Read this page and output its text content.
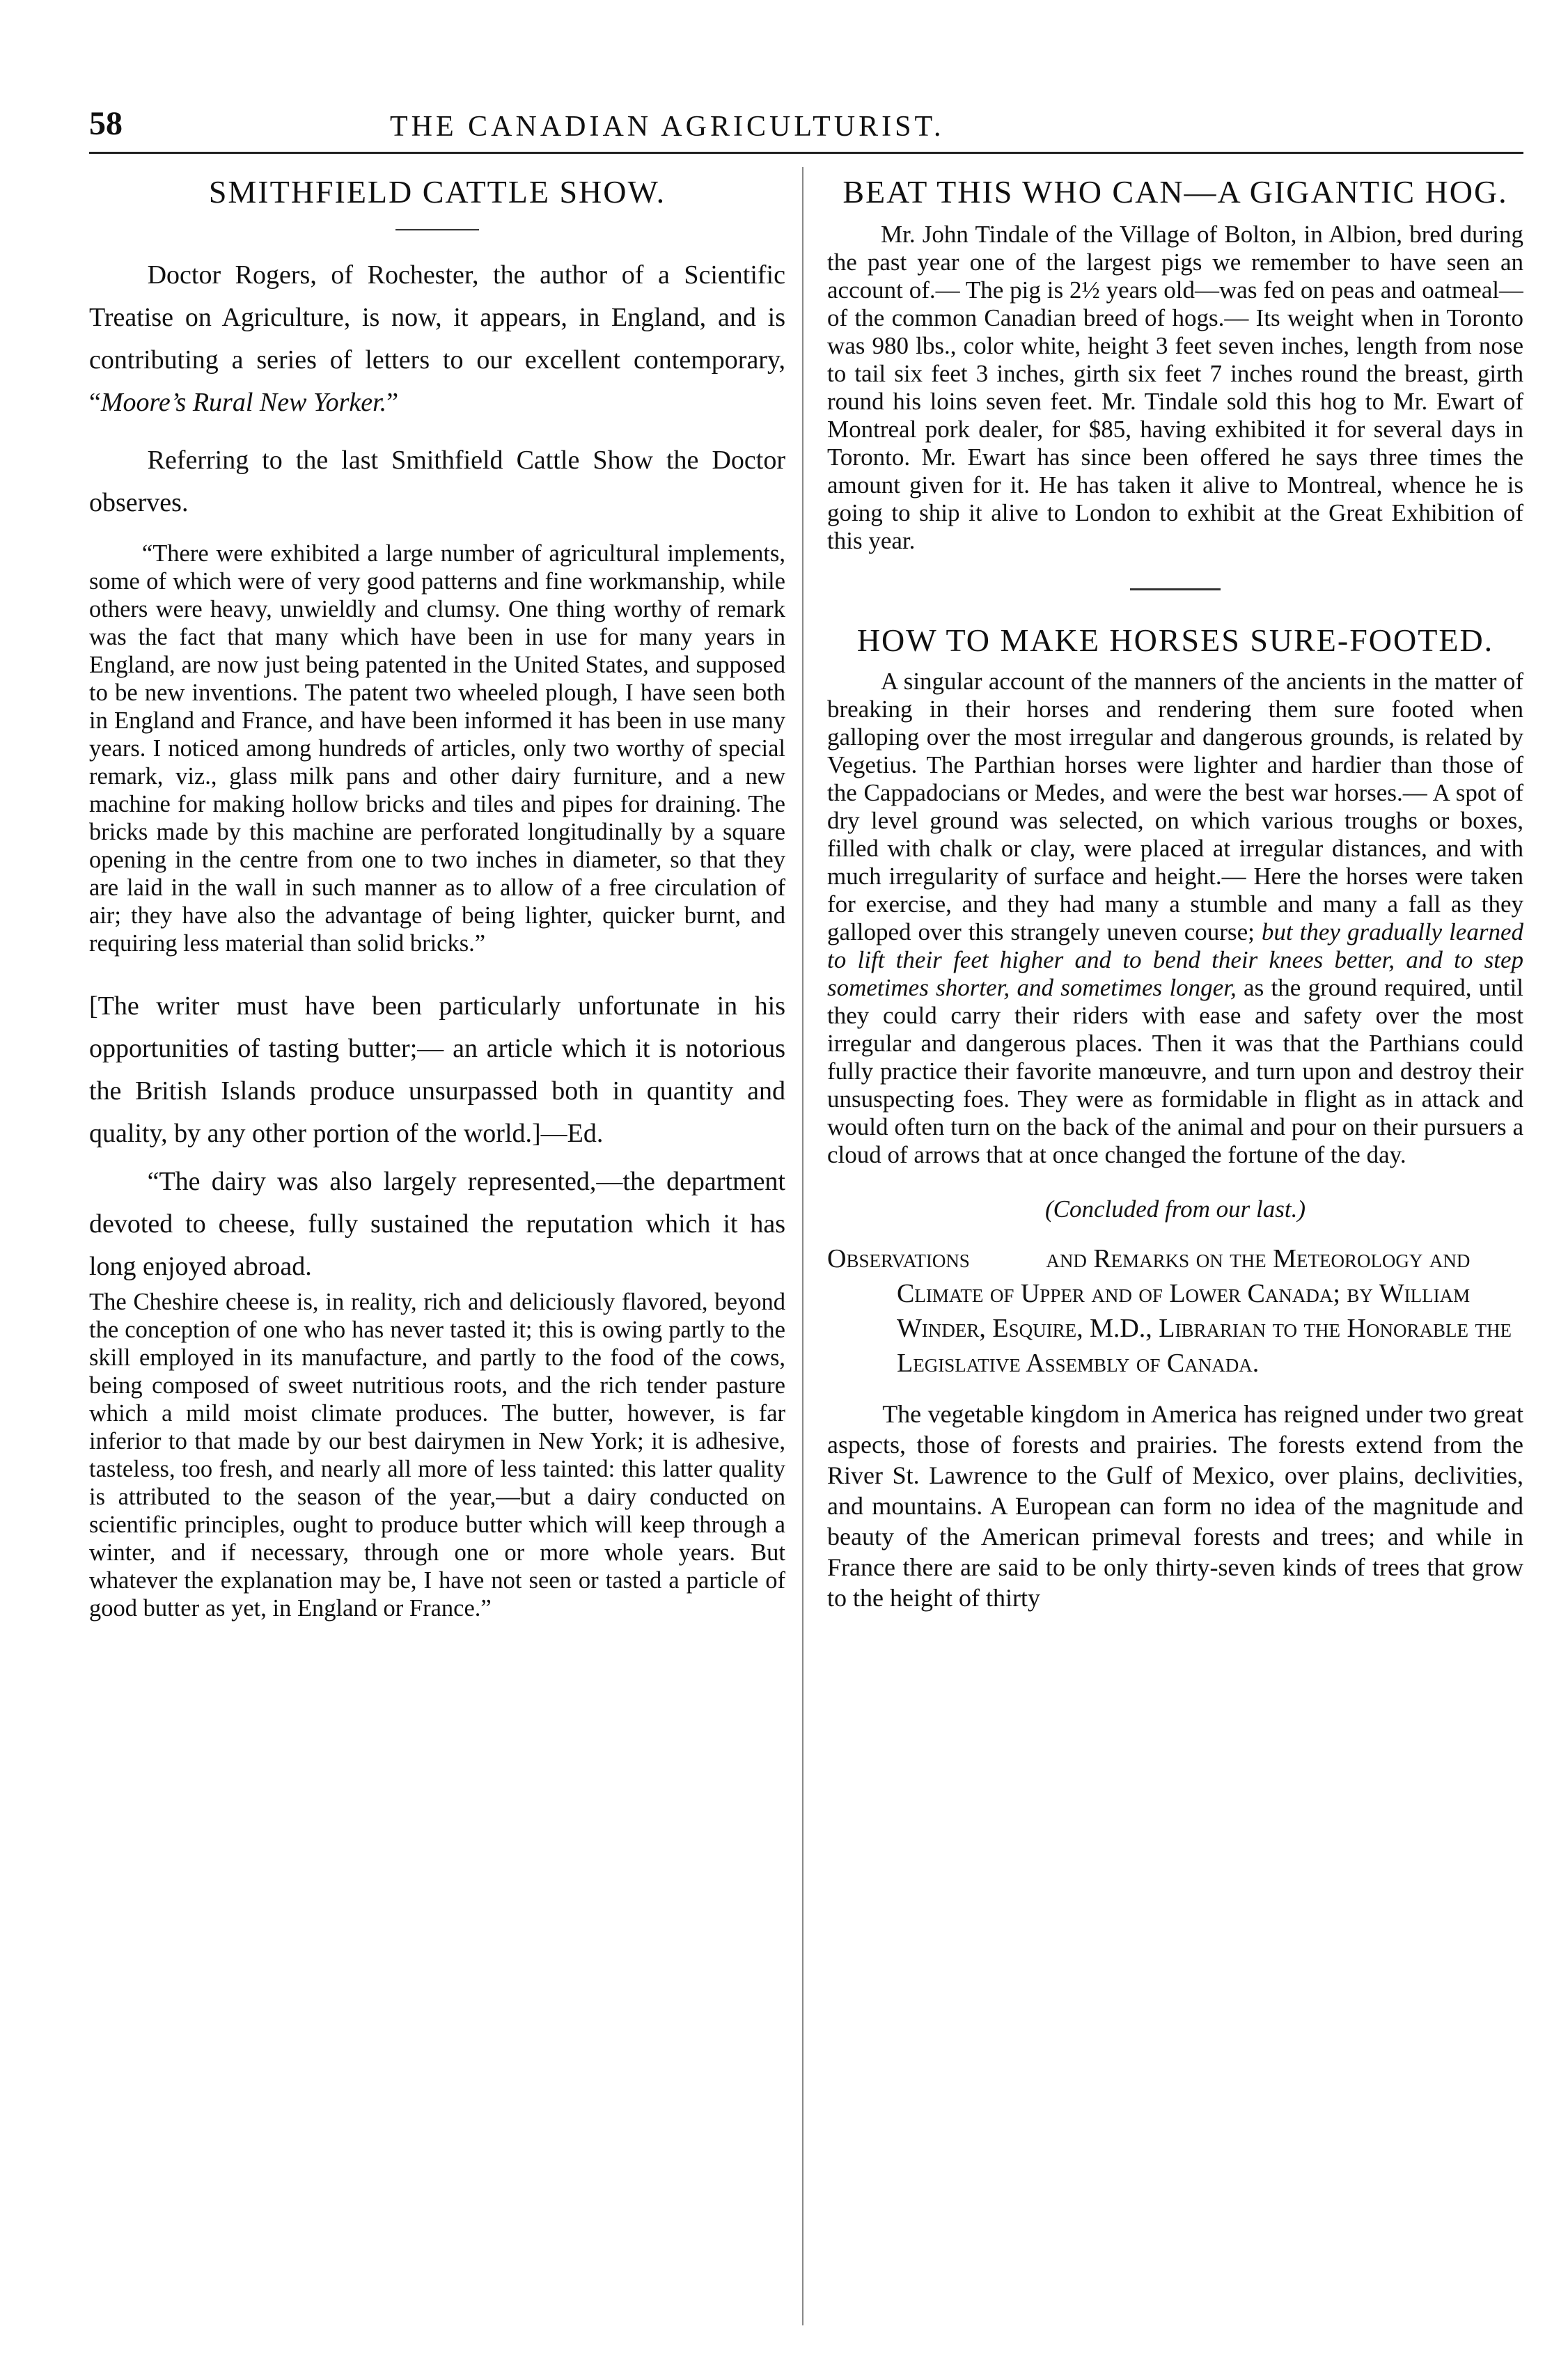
58	THE CANADIAN AGRICULTURIST.
SMITHFIELD CATTLE SHOW.

Doctor Rogers, of Rochester, the author of a Scientific Treatise on Agriculture, is now, it appears, in England, and is contributing a series of letters to our excellent contemporary, “Moore’s Rural New Yorker.”

Referring to the last Smithfield Cattle Show the Doctor observes.

“There were exhibited a large number of agricultural implements, some of which were of very good patterns and fine workmanship, while others were heavy, unwieldly and clumsy. One thing worthy of remark was the fact that many which have been in use for many years in England, are now just being patented in the United States, and supposed to be new inventions. The patent two wheeled plough, I have seen both in England and France, and have been informed it has been in use many years. I noticed among hundreds of articles, only two worthy of special remark, viz., glass milk pans and other dairy furniture, and a new machine for making hollow bricks and tiles and pipes for draining. The bricks made by this machine are perforated longitudinally by a square opening in the centre from one to two inches in diameter, so that they are laid in the wall in such manner as to allow of a free circulation of air; they have also the advantage of being lighter, quicker burnt, and requiring less material than solid bricks.”

[The writer must have been particularly unfortunate in his opportunities of tasting butter;— an article which it is notorious the British Islands produce unsurpassed both in quantity and quality, by any other portion of the world.]—Ed.

“The dairy was also largely represented,—the department devoted to cheese, fully sustained the reputation which it has long enjoyed abroad.

The Cheshire cheese is, in reality, rich and deliciously flavored, beyond the conception of one who has never tasted it; this is owing partly to the skill employed in its manufacture, and partly to the food of the cows, being composed of sweet nutritious roots, and the rich tender pasture which a mild moist climate produces. The butter, however, is far inferior to that made by our best dairymen in New York; it is adhesive, tasteless, too fresh, and nearly all more of less tainted: this latter quality is attributed to the season of the year,—but a dairy conducted on scientific principles, ought to produce butter which will keep through a winter, and if necessary, through one or more whole years. But whatever the explanation may be, I have not seen or tasted a particle of good butter as yet, in England or France.”

BEAT THIS WHO CAN—A GIGANTIC HOG.

Mr. John Tindale of the Village of Bolton, in Albion, bred during the past year one of the largest pigs we remember to have seen an account of.— The pig is 2½ years old—was fed on peas and oatmeal—of the common Canadian breed of hogs.— Its weight when in Toronto was 980 lbs., color white, height 3 feet seven inches, length from nose to tail six feet 3 inches, girth six feet 7 inches round the breast, girth round his loins seven feet. Mr. Tindale sold this hog to Mr. Ewart of Montreal pork dealer, for $85, having exhibited it for several days in Toronto. Mr. Ewart has since been offered he says three times the amount given for it. He has taken it alive to Montreal, whence he is going to ship it alive to London to exhibit at the Great Exhibition of this year.

HOW TO MAKE HORSES SURE-FOOTED.

A singular account of the manners of the ancients in the matter of breaking in their horses and rendering them sure footed when galloping over the most irregular and dangerous grounds, is related by Vegetius. The Parthian horses were lighter and hardier than those of the Cappadocians or Medes, and were the best war horses.— A spot of dry level ground was selected, on which various troughs or boxes, filled with chalk or clay, were placed at irregular distances, and with much irregularity of surface and height.— Here the horses were taken for exercise, and they had many a stumble and many a fall as they galloped over this strangely uneven course; but they gradually learned to lift their feet higher and to bend their knees better, and to step sometimes shorter, and sometimes longer, as the ground required, until they could carry their riders with ease and safety over the most irregular and dangerous places. Then it was that the Parthians could fully practice their favorite manœuvre, and turn upon and destroy their unsuspecting foes. They were as formidable in flight as in attack and would often turn on the back of the animal and pour on their pursuers a cloud of arrows that at once changed the fortune of the day.

(Concluded from our last.)

Observations	and Remarks on the Meteorology and Climate of Upper and of Lower Canada; by William Winder, Esquire, M.D., Librarian to the Honorable the Legislative Assembly of Canada.

The vegetable kingdom in America has reigned under two great aspects, those of forests and prairies. The forests extend from the River St. Lawrence to the Gulf of Mexico, over plains, declivities, and mountains. A European can form no idea of the magnitude and beauty of the American primeval forests and trees; and while in France there are said to be only thirty-seven kinds of trees that grow to the height of thirty
